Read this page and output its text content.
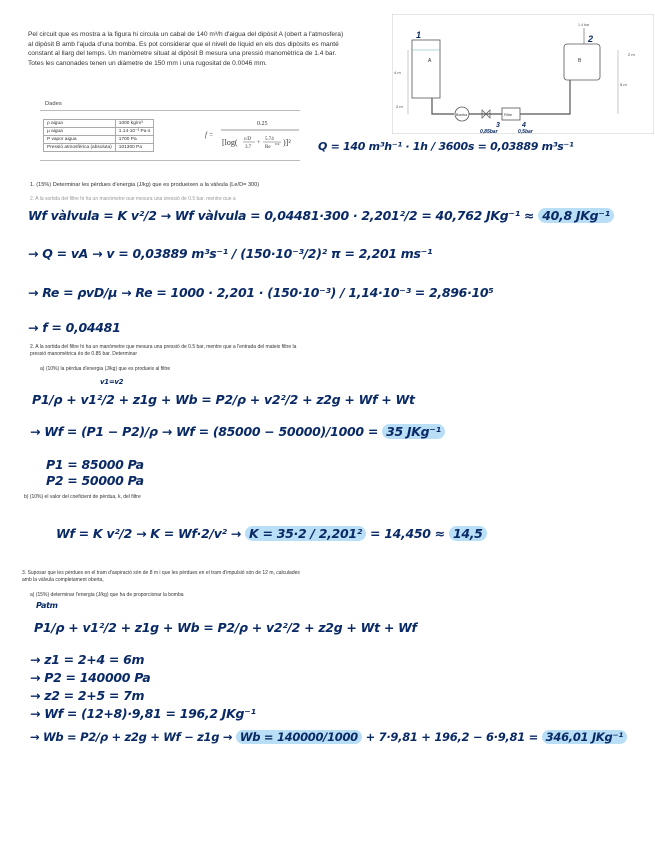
Pel circuit que es mostra a la figura hi circula un cabal de 140 m³/h d'aigua del dipòsit A (obert a l'atmosfera) al dipòsit B amb l'ajuda d'una bomba. Es pot considerar que el nivell de líquid en els dos dipòsits es manté constant al llarg del temps. Un manòmetre situat al dipòsit B mesura una pressió manomètrica de 1.4 bar. Totes les canonades tenen un diàmetre de 150 mm i una rugositat de 0.0046 mm.	A	B
1.4 bar
4 m
2 m
5 m
2 m
Bomba	Filtre
1	2
3	4
0,85bar	0,5bar
Dades
ρ aigua	1000 kg/m³
μ aigua	1.14·10⁻³ Pa·s
P vapor aigua	1700 Pa
Pressió atmosfèrica (absoluta)	101300 Pa
f =
0.25
[log( ε/D
3.7
+
5.74
Re
0.9 )]² Q = 140 m³h⁻¹ · 1h / 3600s = 0,03889 m³s⁻¹
1. (15%) Determinar les pèrdues d'energia (J/kg) que es produeixen a la vàlvula (Le/D= 300)
2. A la sortida del filtre hi ha un manòmetre que mesura una pressió de 0.5 bar, mentre que a
Wf vàlvula = K v²/2 → Wf vàlvula = 0,04481·300 · 2,201²/2 = 40,762 JKg⁻¹ ≈ 40,8 JKg⁻¹
→ Q = vA → v = 0,03889 m³s⁻¹ / (150·10⁻³/2)² π = 2,201 ms⁻¹
→ Re = ρvD/μ → Re = 1000 · 2,201 · (150·10⁻³) / 1,14·10⁻³ = 2,896·10⁵
→ f = 0,04481
2. A la sortida del filtre hi ha un manòmetre que mesura una pressió de 0.5 bar, mentre que a l'entrada del mateix filtre la pressió manomètrica és de 0.85 bar. Determinar
a) (10%) la pèrdua d'energia (J/kg) que es produeix al filtre
v1=v2
P1/ρ + v1²/2 + z1g + Wb = P2/ρ + v2²/2 + z2g + Wf + Wt
→ Wf = (P1 − P2)/ρ → Wf = (85000 − 50000)/1000 = 35 JKg⁻¹
P1 = 85000 Pa
P2 = 50000 Pa
b) (10%) el valor del coeficient de pèrdua, k, del filtre
Wf = K v²/2 → K = Wf·2/v² → K = 35·2 / 2,201² = 14,450 ≈ 14,5
3. Suposar que les pèrdues en el tram d'aspiració són de 8 m i que les pèrdues en el tram d'impulsió són de 12 m, calculades amb la vàlvula completament oberta,
a) (15%) determinar l'energia (J/kg) que ha de proporcionar la bomba
Patm
P1/ρ + v1²/2 + z1g + Wb = P2/ρ + v2²/2 + z2g + Wt + Wf
→ z1 = 2+4 = 6m
→ P2 = 140000 Pa
→ z2 = 2+5 = 7m
→ Wf = (12+8)·9,81 = 196,2 JKg⁻¹
→ Wb = P2/ρ + z2g + Wf − z1g → Wb = 140000/1000 + 7·9,81 + 196,2 − 6·9,81 = 346,01 JKg⁻¹
